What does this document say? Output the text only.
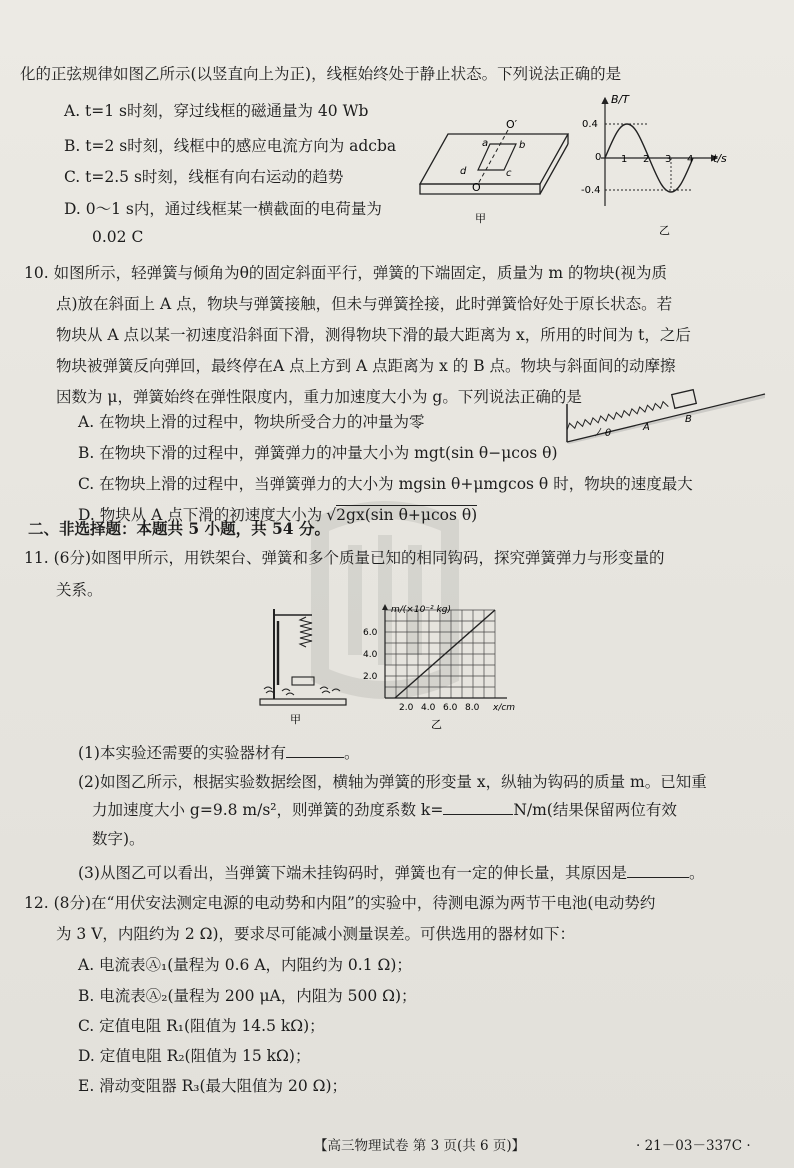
化的正弦规律如图乙所示(以竖直向上为正)，线框始终处于静止状态。下列说法正确的是
A. t=1 s时刻，穿过线框的磁通量为 40 Wb
B. t=2 s时刻，线框中的感应电流方向为 adcba
C. t=2.5 s时刻，线框有向右运动的趋势
D. 0～1 s内，通过线框某一横截面的电荷量为
0.02 C
O′
a	b
d	c
O
甲
B/T
t/s
0
0.4
-0.4
1 2 3 4
乙
10. 如图所示，轻弹簧与倾角为θ的固定斜面平行，弹簧的下端固定，质量为 m 的物块(视为质
点)放在斜面上 A 点，物块与弹簧接触，但未与弹簧拴接，此时弹簧恰好处于原长状态。若
物块从 A 点以某一初速度沿斜面下滑，测得物块下滑的最大距离为 x，所用的时间为 t，之后
物块被弹簧反向弹回，最终停在A 点上方到 A 点距离为 x 的 B 点。物块与斜面间的动摩擦
因数为 μ，弹簧始终在弹性限度内，重力加速度大小为 g。下列说法正确的是
A. 在物块上滑的过程中，物块所受合力的冲量为零
B. 在物块下滑的过程中，弹簧弹力的冲量大小为 mgt(sin θ−μcos θ)
C. 在物块上滑的过程中，当弹簧弹力的大小为 mgsin θ+μmgcos θ 时，物块的速度最大
D. 物块从 A 点下滑的初速度大小为 √2gx(sin θ+μcos θ)
θ
A
B
二、非选择题：本题共 5 小题，共 54 分。
11. (6分)如图甲所示，用铁架台、弹簧和多个质量已知的相同钩码，探究弹簧弹力与形变量的
关系。
甲
m/(×10⁻² kg)
x/cm
2.0
4.0
6.0
2.0 4.0 6.0 8.0
乙
(1)本实验还需要的实验器材有	。
(2)如图乙所示，根据实验数据绘图，横轴为弹簧的形变量 x，纵轴为钩码的质量 m。已知重
力加速度大小 g=9.8 m/s²，则弹簧的劲度系数 k=	N/m(结果保留两位有效
数字)。
(3)从图乙可以看出，当弹簧下端未挂钩码时，弹簧也有一定的伸长量，其原因是	。
12. (8分)在“用伏安法测定电源的电动势和内阻”的实验中，待测电源为两节干电池(电动势约
为 3 V，内阻约为 2 Ω)，要求尽可能减小测量误差。可供选用的器材如下：
A. 电流表Ⓐ₁(量程为 0.6 A，内阻约为 0.1 Ω)；
B. 电流表Ⓐ₂(量程为 200 μA，内阻为 500 Ω)；
C. 定值电阻 R₁(阻值为 14.5 kΩ)；
D. 定值电阻 R₂(阻值为 15 kΩ)；
E. 滑动变阻器 R₃(最大阻值为 20 Ω)；
【高三物理试卷 第 3 页(共 6 页)】	· 21－03－337C ·
